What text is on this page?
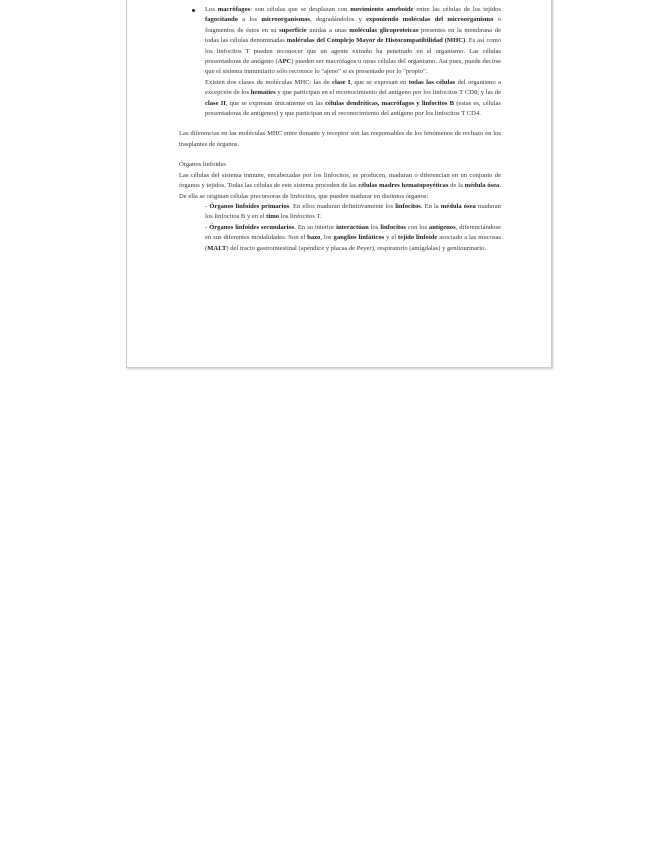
Los macrófagos: son células que se desplazan con movimiento ameboide entre las células de los tejidos fagocitando a los microorganismos, degradándolos y exponiendo moléculas del microorganismo o fragmentos de éstos en su superficie unidas a unas moléculas glicoproteicas presentes en la membrana de todas las células denominadas moléculas del Complejo Mayor de Histocompatibilidad (MHC). Es así como los linfocitos T pueden reconocer que un agente extraño ha penetrado en el organismo. Las células presentadoras de antígeno (APC) pueden ser macrófagos u otras células del organismo. Así pues, puede decirse que el sistema inmunitario sólo reconoce lo "ajeno" si es presentado por lo "propio".

Existen dos clases de moléculas MHC: las de clase I, que se expresan en todas las células del organismo a excepción de los hematíes y que participan en el reconocimiento del antígeno por los linfocitos T CD8; y las de clase II, que se expresan únicamente en las células dendríticas, macrófagos y linfocitos B (estas es, células presentadoras de antígenos) y que participan en el reconocimiento del antígeno por los linfocitos T CD4.

Las diferencias en las moléculas MHC entre donante y receptor son las responsables de los fenómenos de rechazo en los trasplantes de órganos.

Órganos linfoides

Las células del sistema inmune, encabezadas por los linfocitos, se producen, maduran o diferencian en un conjunto de órganos y tejidos. Todas las células de este sistema proceden de las células madres hematopoyéticas de la médula ósea. De ella se originan células precursoras de linfocitos, que pueden madurar en distintos órganos:

- Órganos linfoides primarios. En ellos maduran definitivamente los linfocitos. En la médula ósea maduran los linfocitos B y en el timo los linfocitos T.

- Órganos linfoides secundarios. En su interior interactúan los linfocitos con los antígenos, diferenciándose en sus diferentes modalidades. Son el bazo, los ganglios linfáticos y el tejido linfoide asociado a las mucosas (MALT) del tracto gastrointestinal (apéndice y placas de Peyer), respiratorio (amígdalas) y genitourinario.
